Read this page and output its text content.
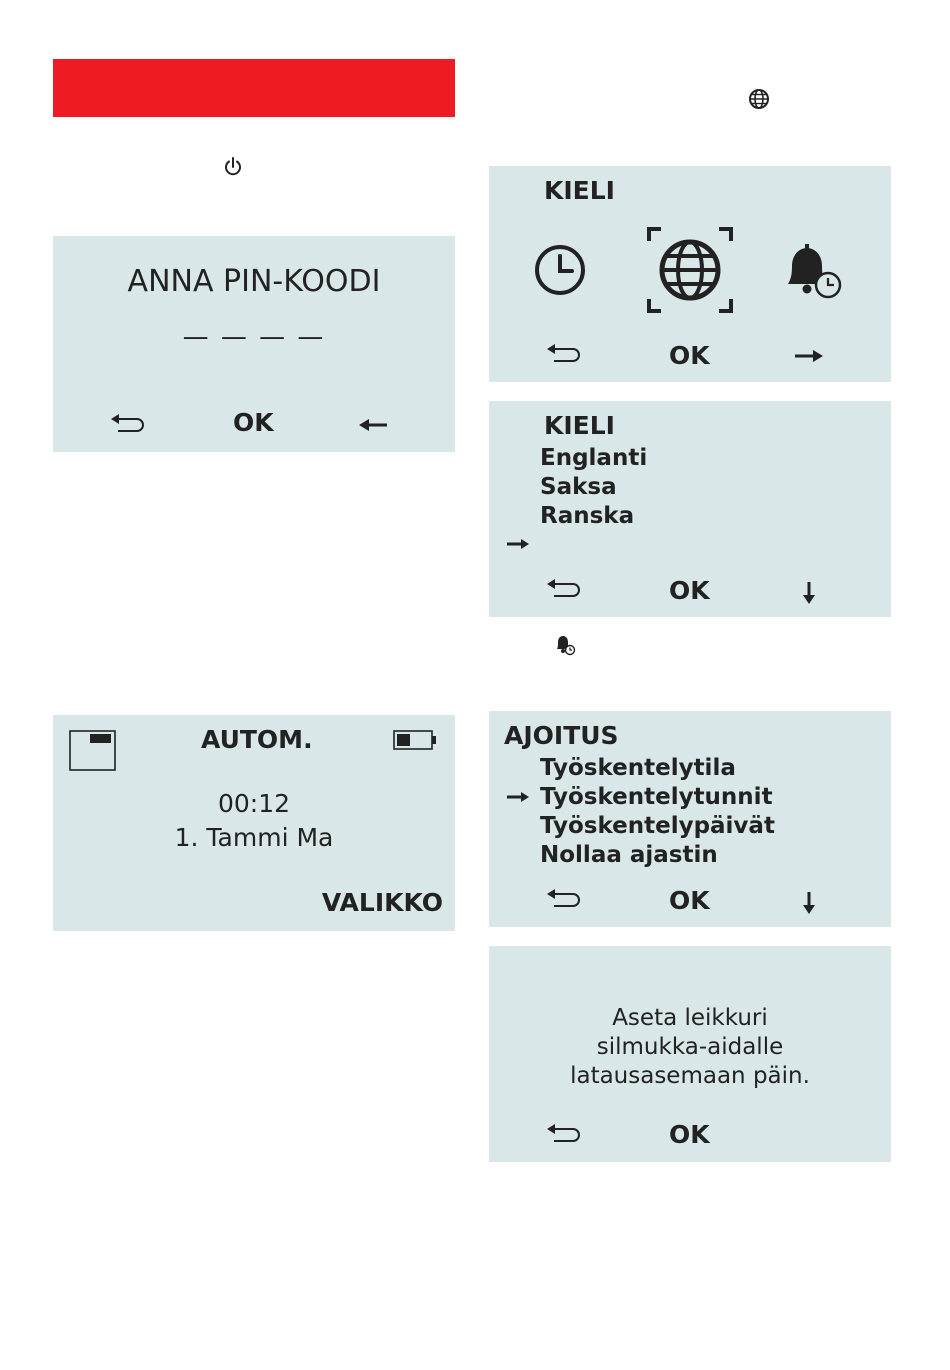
ANNA PIN-KOODI
— — — —
OK
AUTOM.
00:12
1. Tammi Ma
VALIKKO
KIELI
OK
KIELI
Englanti
Saksa
Ranska
OK
AJOITUS
Työskentelytila
Työskentelytunnit
Työskentelypäivät
Nollaa ajastin
OK
Aseta leikkuri
silmukka-aidalle
latausasemaan päin.
OK
